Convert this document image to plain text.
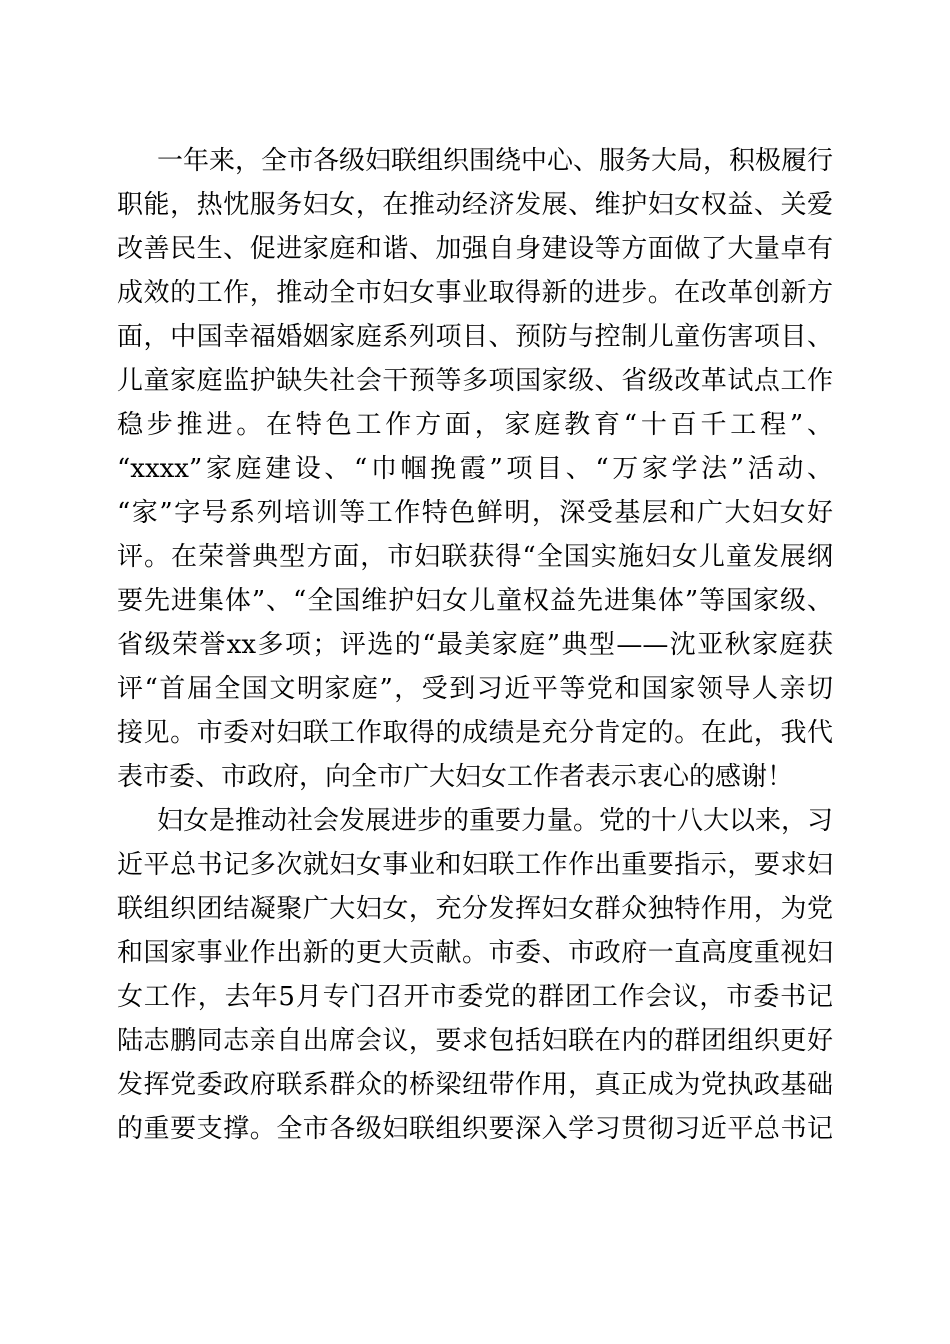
一年来，全市各级妇联组织围绕中心、服务大局，积极履行
职能，热忱服务妇女，在推动经济发展、维护妇女权益、关爱
改善民生、促进家庭和谐、加强自身建设等方面做了大量卓有
成效的工作，推动全市妇女事业取得新的进步。在改革创新方
面，中国幸福婚姻家庭系列项目、预防与控制儿童伤害项目、
儿童家庭监护缺失社会干预等多项国家级、省级改革试点工作
稳步推进。在特色工作方面，家庭教育“十百千工程”、
“xxxx”家庭建设、“巾帼挽霞”项目、“万家学法”活动、
“家”字号系列培训等工作特色鲜明，深受基层和广大妇女好
评。在荣誉典型方面，市妇联获得“全国实施妇女儿童发展纲
要先进集体”、“全国维护妇女儿童权益先进集体”等国家级、
省级荣誉xx多项；评选的“最美家庭”典型——沈亚秋家庭获
评“首届全国文明家庭”，受到习近平等党和国家领导人亲切
接见。市委对妇联工作取得的成绩是充分肯定的。在此，我代
表市委、市政府，向全市广大妇女工作者表示衷心的感谢！
妇女是推动社会发展进步的重要力量。党的十八大以来，习
近平总书记多次就妇女事业和妇联工作作出重要指示，要求妇
联组织团结凝聚广大妇女，充分发挥妇女群众独特作用，为党
和国家事业作出新的更大贡献。市委、市政府一直高度重视妇
女工作，去年5月专门召开市委党的群团工作会议，市委书记
陆志鹏同志亲自出席会议，要求包括妇联在内的群团组织更好
发挥党委政府联系群众的桥梁纽带作用，真正成为党执政基础
的重要支撑。全市各级妇联组织要深入学习贯彻习近平总书记
